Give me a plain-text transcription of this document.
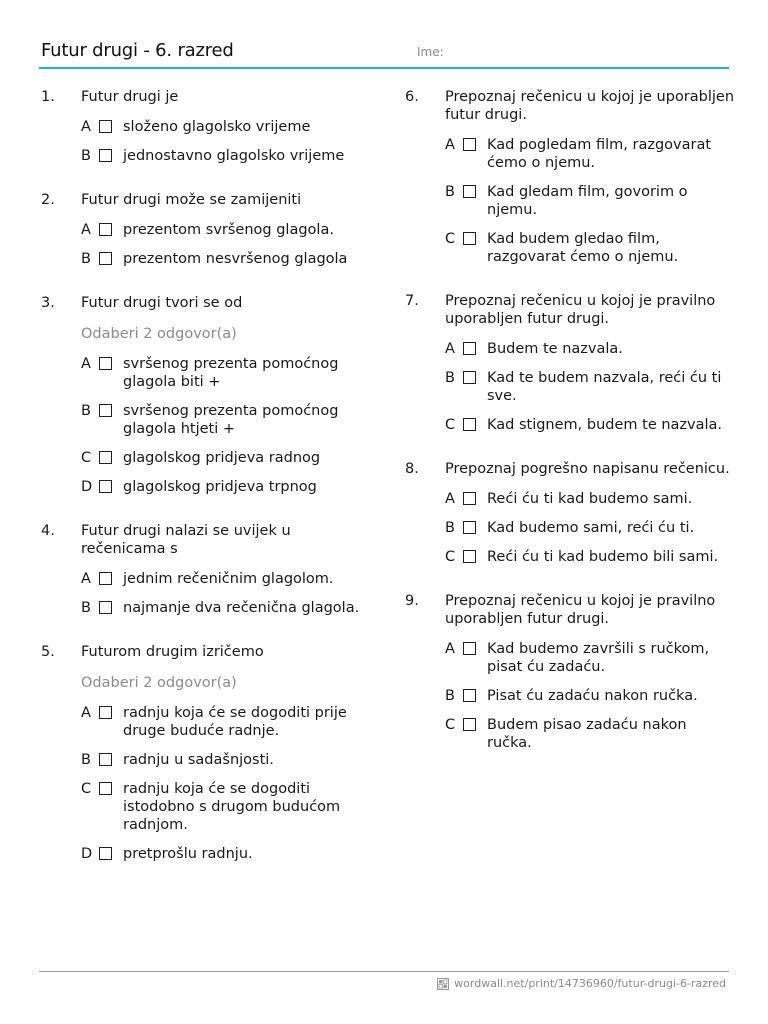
Futur drugi - 6. razred	Ime:
1.	Futur drugi je
A	složeno glagolsko vrijeme
B	jednostavno glagolsko vrijeme
2.	Futur drugi može se zamijeniti
A	prezentom svršenog glagola.
B	prezentom nesvršenog glagola
3.	Futur drugi tvori se od
Odaberi 2 odgovor(a)
A	svršenog prezenta pomoćnog glagola biti +
B	svršenog prezenta pomoćnog glagola htjeti +
C	glagolskog pridjeva radnog
D	glagolskog pridjeva trpnog
4.	Futur drugi nalazi se uvijek u rečenicama s
A	jednim rečeničnim glagolom.
B	najmanje dva rečenična glagola.
5.	Futurom drugim izričemo
Odaberi 2 odgovor(a)
A	radnju koja će se dogoditi prije druge buduće radnje.
B	radnju u sadašnjosti.
C	radnju koja će se dogoditi istodobno s drugom budućom radnjom.
D	pretprošlu radnju.
6.	Prepoznaj rečenicu u kojoj je uporabljen futur drugi.
A	Kad pogledam film, razgovarat ćemo o njemu.
B	Kad gledam film, govorim o njemu.
C	Kad budem gledao film, razgovarat ćemo o njemu.
7.	Prepoznaj rečenicu u kojoj je pravilno uporabljen futur drugi.
A	Budem te nazvala.
B	Kad te budem nazvala, reći ću ti sve.
C	Kad stignem, budem te nazvala.
8.	Prepoznaj pogrešno napisanu rečenicu.
A	Reći ću ti kad budemo sami.
B	Kad budemo sami, reći ću ti.
C	Reći ću ti kad budemo bili sami.
9.	Prepoznaj rečenicu u kojoj je pravilno uporabljen futur drugi.
A	Kad budemo završili s ručkom, pisat ću zadaću.
B	Pisat ću zadaću nakon ručka.
C	Budem pisao zadaću nakon ručka.
wordwall.net/print/14736960/futur-drugi-6-razred
